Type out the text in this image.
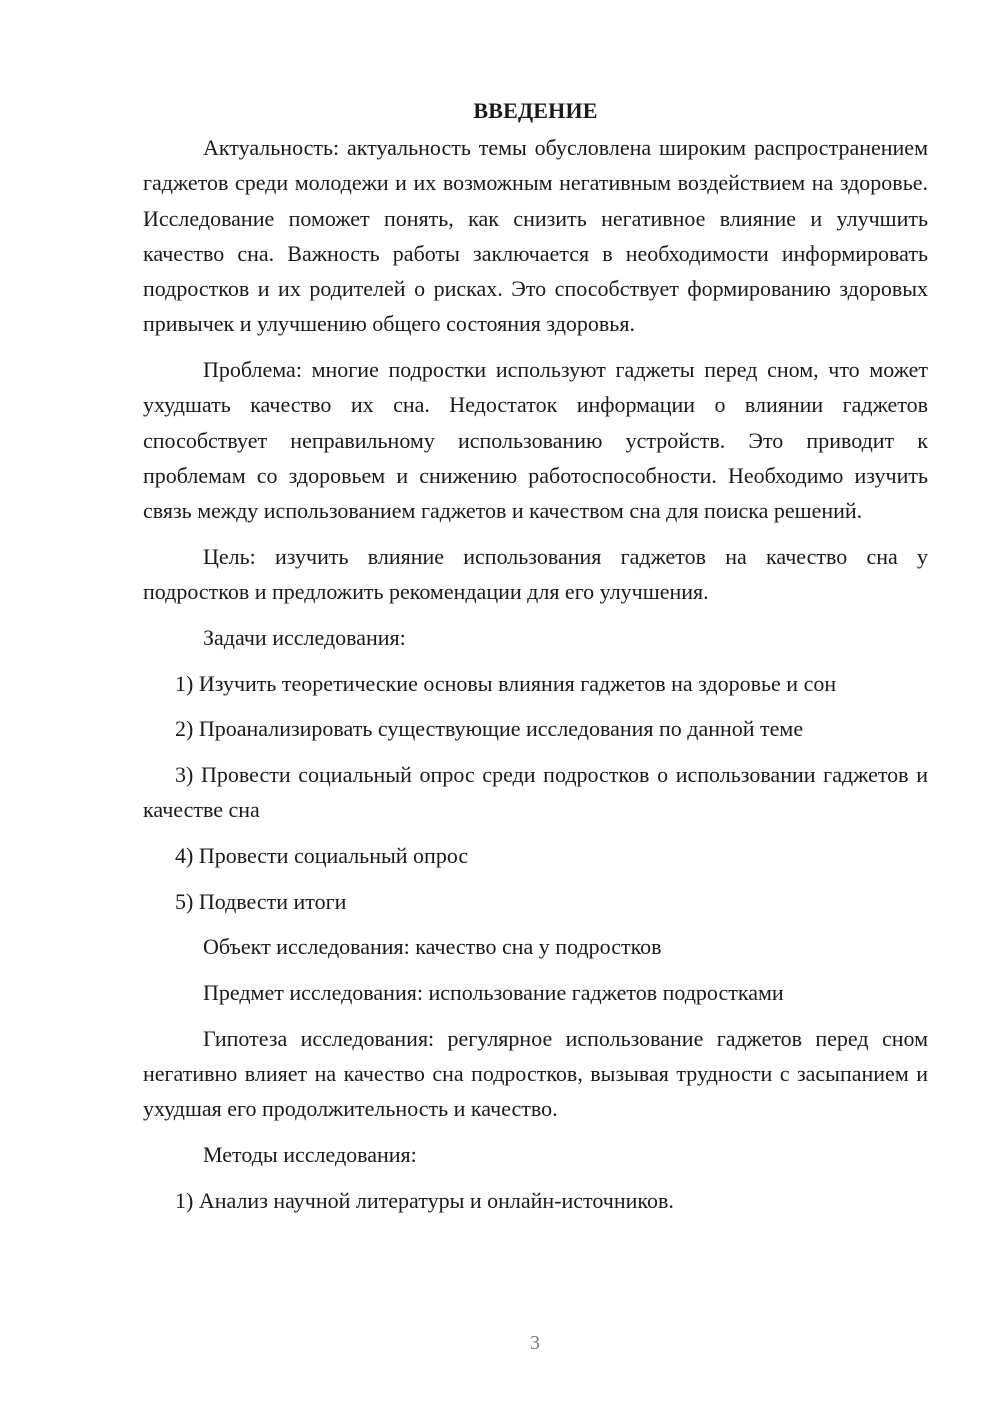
ВВЕДЕНИЕ

Актуальность: актуальность темы обусловлена широким распространением гаджетов среди молодежи и их возможным негативным воздействием на здоровье. Исследование поможет понять, как снизить негативное влияние и улучшить качество сна. Важность работы заключается в необходимости информировать подростков и их родителей о рисках. Это способствует формированию здоровых привычек и улучшению общего состояния здоровья.

Проблема: многие подростки используют гаджеты перед сном, что может ухудшать качество их сна. Недостаток информации о влиянии гаджетов способствует неправильному использованию устройств. Это приводит к проблемам со здоровьем и снижению работоспособности. Необходимо изучить связь между использованием гаджетов и качеством сна для поиска решений.

Цель: изучить влияние использования гаджетов на качество сна у подростков и предложить рекомендации для его улучшения.

Задачи исследования:

1) Изучить теоретические основы влияния гаджетов на здоровье и сон

2) Проанализировать существующие исследования по данной теме

3) Провести социальный опрос среди подростков о использовании гаджетов и качестве сна

4) Провести социальный опрос

5) Подвести итоги

Объект исследования: качество сна у подростков

Предмет исследования: использование гаджетов подростками

Гипотеза исследования: регулярное использование гаджетов перед сном негативно влияет на качество сна подростков, вызывая трудности с засыпанием и ухудшая его продолжительность и качество.

Методы исследования:

1) Анализ научной литературы и онлайн-источников.

3
